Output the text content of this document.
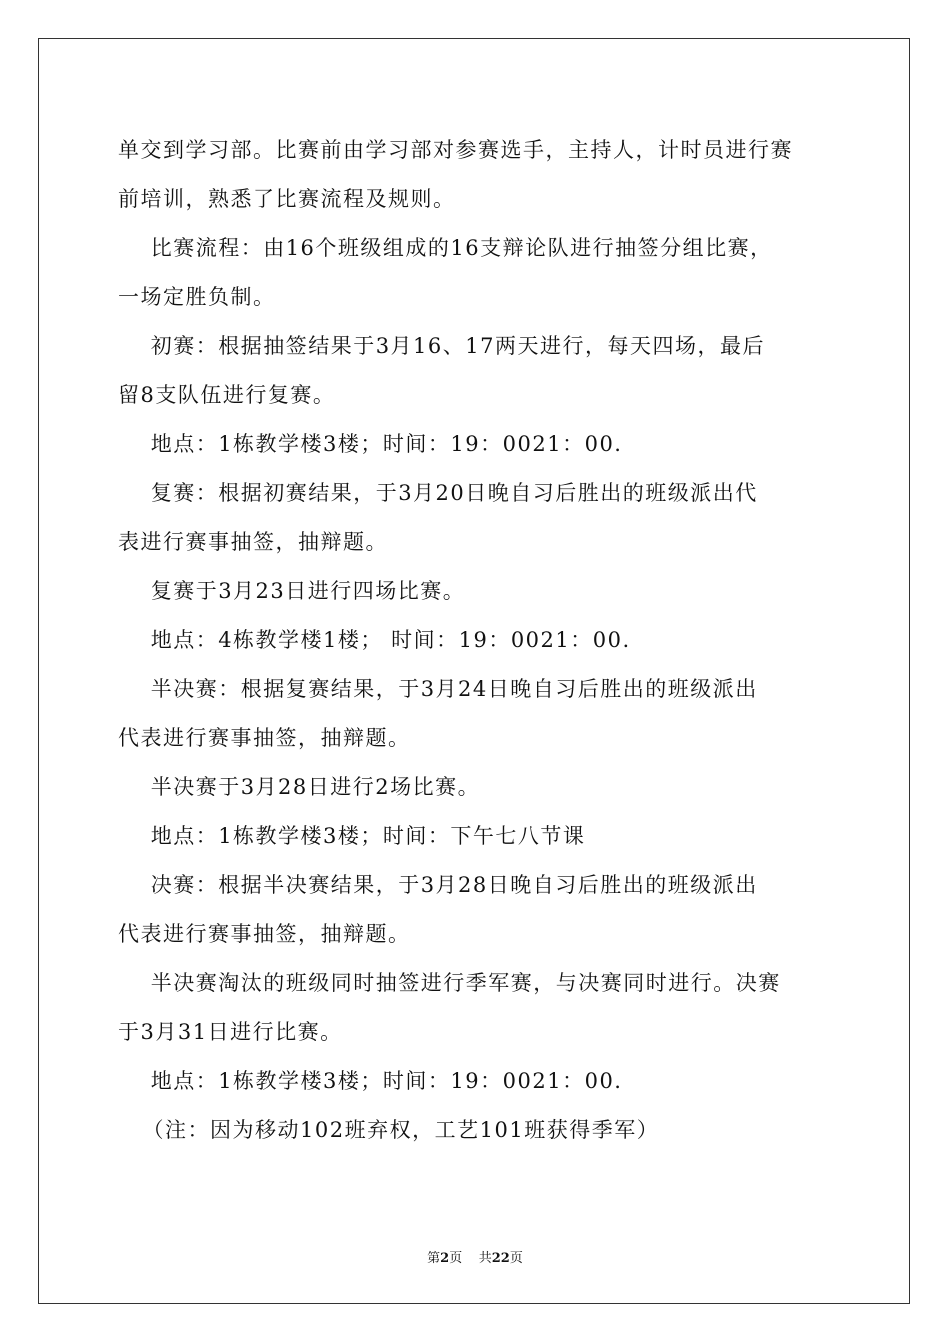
单交到学习部。比赛前由学习部对参赛选手，主持人，计时员进行赛

前培训，熟悉了比赛流程及规则。

比赛流程：由16个班级组成的16支辩论队进行抽签分组比赛，

一场定胜负制。

初赛：根据抽签结果于3月16、17两天进行，每天四场，最后

留8支队伍进行复赛。

地点：1栋教学楼3楼；时间：19：0021：00.

复赛：根据初赛结果，于3月20日晚自习后胜出的班级派出代

表进行赛事抽签，抽辩题。

复赛于3月23日进行四场比赛。

地点：4栋教学楼1楼； 时间：19：0021：00.

半决赛：根据复赛结果，于3月24日晚自习后胜出的班级派出

代表进行赛事抽签，抽辩题。

半决赛于3月28日进行2场比赛。

地点：1栋教学楼3楼；时间：下午七八节课

决赛：根据半决赛结果，于3月28日晚自习后胜出的班级派出

代表进行赛事抽签，抽辩题。

半决赛淘汰的班级同时抽签进行季军赛，与决赛同时进行。决赛

于3月31日进行比赛。

地点：1栋教学楼3楼；时间：19：0021：00.

（注：因为移动102班弃权，工艺101班获得季军）

第2页    共22页
